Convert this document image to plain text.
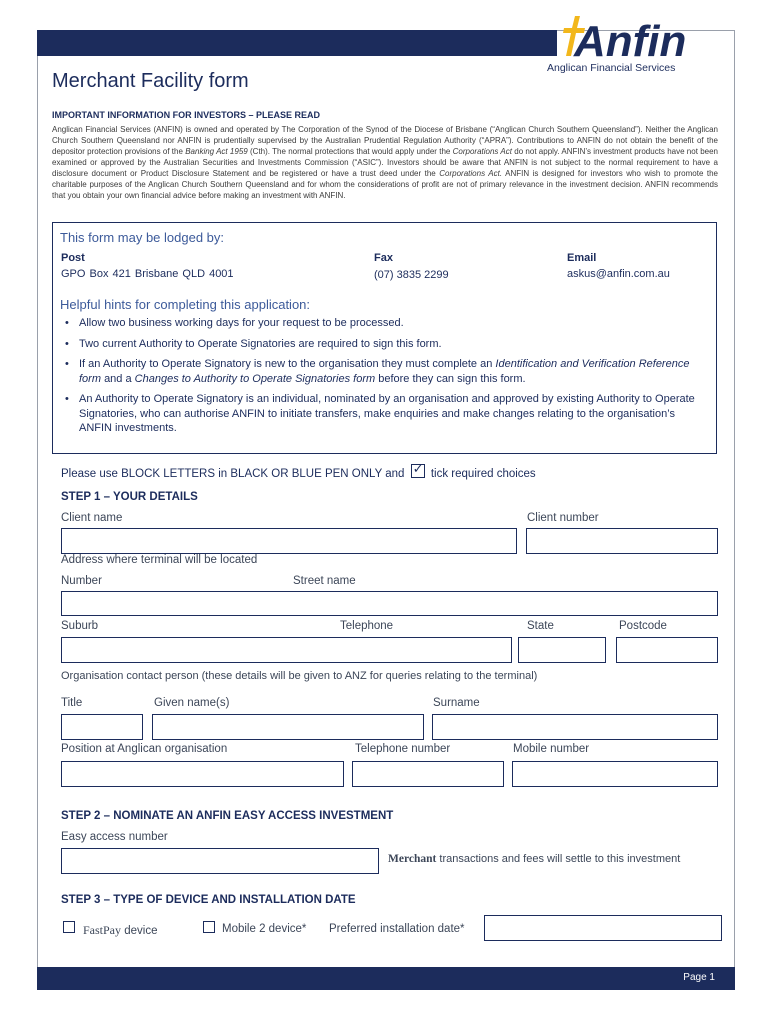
Anfin
Anglican Financial Services
Merchant Facility form
IMPORTANT INFORMATION FOR INVESTORS – PLEASE READ
Anglican Financial Services (ANFIN) is owned and operated by The Corporation of the Synod of the Diocese of Brisbane (“Anglican Church Southern Queensland”). Neither the Anglican Church Southern Queensland nor ANFIN is prudentially supervised by the Australian Prudential Regulation Authority (“APRA”). Contributions to ANFIN do not obtain the benefit of the depositor protection provisions of the Banking Act 1959 (Cth). The normal protections that would apply under the Corporations Act do not apply. ANFIN’s investment products have not been examined or approved by the Australian Securities and Investments Commission (“ASIC”). Investors should be aware that ANFIN is not subject to the normal requirement to have a disclosure document or Product Disclosure Statement and be registered or have a trust deed under the Corporations Act. ANFIN is designed for investors who wish to promote the charitable purposes of the Anglican Church Southern Queensland and for whom the considerations of profit are not of primary relevance in the investment decision. ANFIN recommends that you obtain your own financial advice before making an investment with ANFIN.
This form may be lodged by:
Post
GPO Box 421 Brisbane QLD 4001
Fax
(07) 3835 2299
Email
askus@anfin.com.au
Helpful hints for completing this application:
• Allow two business working days for your request to be processed.
• Two current Authority to Operate Signatories are required to sign this form.
• If an Authority to Operate Signatory is new to the organisation they must complete an Identification and Verification Reference form and a Changes to Authority to Operate Signatories form before they can sign this form.
• An Authority to Operate Signatory is an individual, nominated by an organisation and approved by existing Authority to Operate Signatories, who can authorise ANFIN to initiate transfers, make enquiries and make changes relating to the organisation’s ANFIN investments.
Please use BLOCK LETTERS in BLACK OR BLUE PEN ONLY and ✓ tick required choices
STEP 1 – YOUR DETAILS
Client name	Client number
Address where terminal will be located
Number	Street name
Suburb	Telephone	State	Postcode
Organisation contact person (these details will be given to ANZ for queries relating to the terminal)
Title	Given name(s)	Surname
Position at Anglican organisation	Telephone number	Mobile number
STEP 2 – NOMINATE AN ANFIN EASY ACCESS INVESTMENT
Easy access number
Merchant transactions and fees will settle to this investment
STEP 3 – TYPE OF DEVICE AND INSTALLATION DATE
FastPay device	Mobile 2 device* Preferred installation date*
Page 1
